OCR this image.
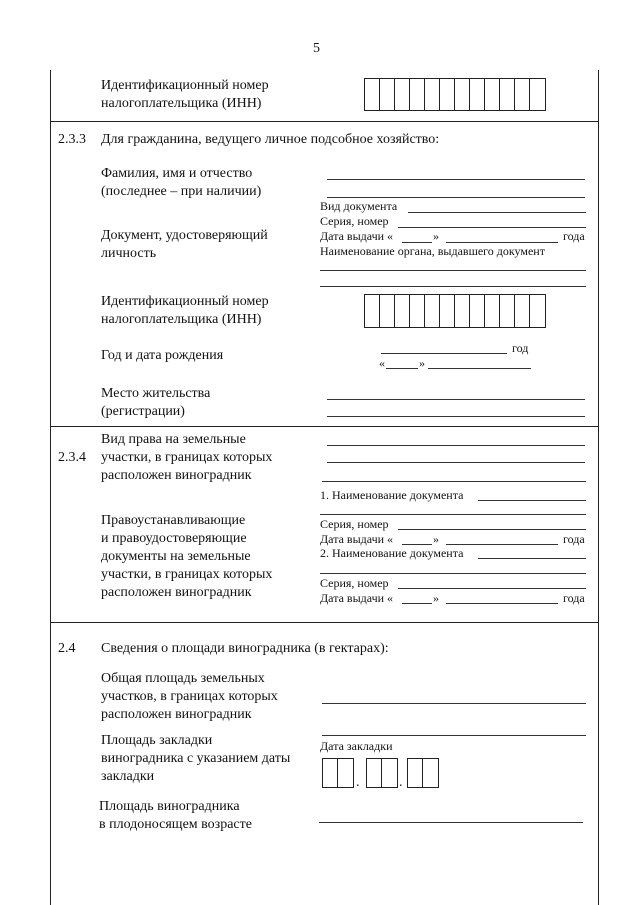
5
Идентификационный номер
налогоплательщика (ИНН)
2.3.3 Для гражданина, ведущего личное подсобное хозяйство:
Фамилия, имя и отчество
(последнее – при наличии)
Вид документа
Серия, номер
Дата выдачи «	»	года
Наименование органа, выдавшего документ
Документ, удостоверяющий
личность
Идентификационный номер
налогоплательщика (ИНН)
Год и дата рождения	год
«	»
Место жительства
(регистрации)
2.3.4
Вид права на земельные
участки, в границах которых
расположен виноградник
Правоустанавливающие
и правоудостоверяющие
документы на земельные
участки, в границах которых
расположен виноградник
1. Наименование документа
Серия, номер
Дата выдачи «	»	года
2. Наименование документа
Серия, номер
Дата выдачи «	»	года
2.4 Сведения о площади виноградника (в гектарах):
Общая площадь земельных
участков, в границах которых
расположен виноградник
Площадь закладки
виноградника с указанием даты
закладки
Дата закладки
.	.
Площадь виноградника
в плодоносящем возрасте
